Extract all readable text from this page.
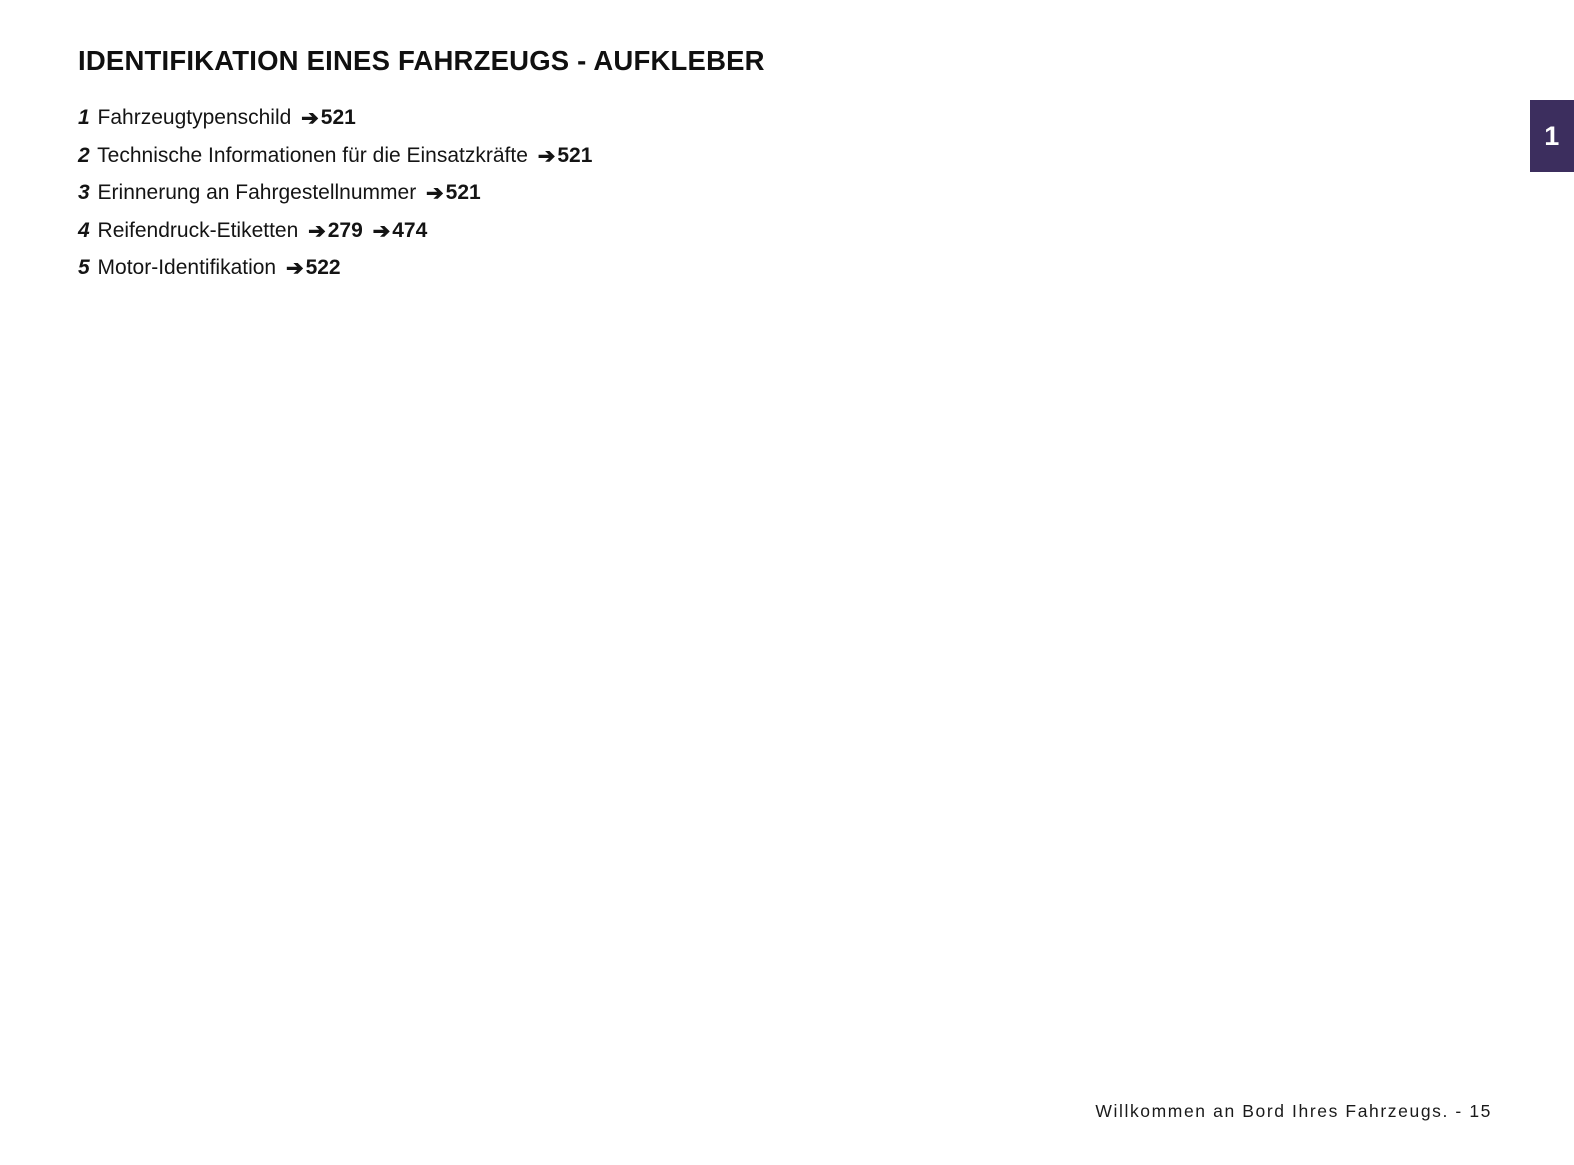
1
IDENTIFIKATION EINES FAHRZEUGS - AUFKLEBER
1 Fahrzeugtypenschild ➔521
2 Technische Informationen für die Einsatzkräfte ➔521
3 Erinnerung an Fahrgestellnummer ➔521
4 Reifendruck-Etiketten ➔279 ➔474
5 Motor-Identifikation ➔522
Willkommen an Bord Ihres Fahrzeugs. - 15
